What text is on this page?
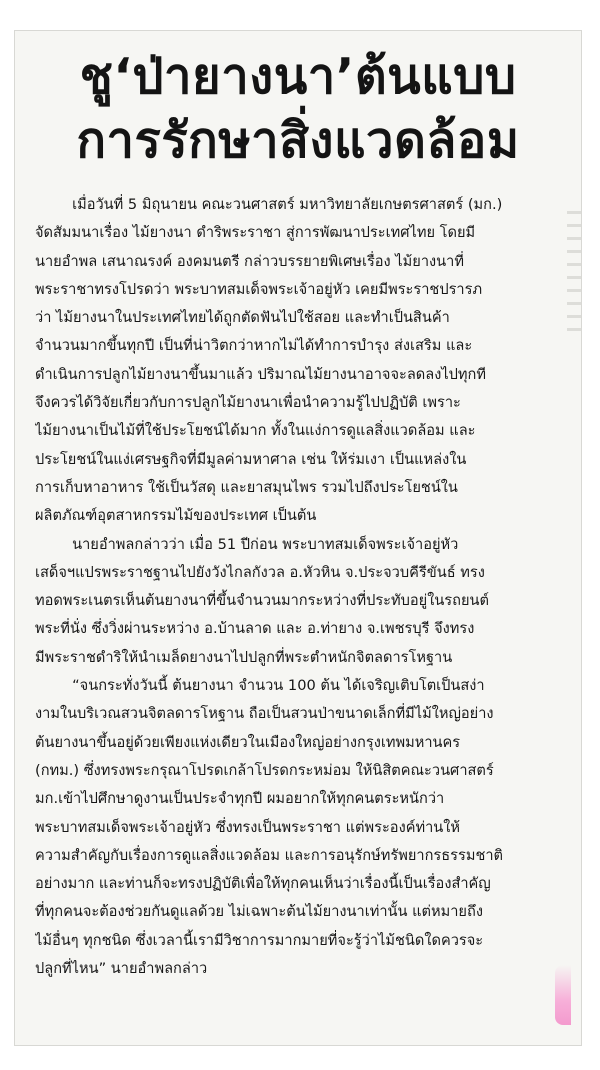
ชู‘ป่ายางนา’ต้นแบบ
การรักษาสิ่งแวดล้อม
เมื่อวันที่ 5 มิถุนายน คณะวนศาสตร์ มหาวิทยาลัยเกษตรศาสตร์ (มก.)
จัดสัมมนาเรื่อง ไม้ยางนา ดำริพระราชา สู่การพัฒนาประเทศไทย โดยมี
นายอำพล เสนาณรงค์ องคมนตรี กล่าวบรรยายพิเศษเรื่อง ไม้ยางนาที่
พระราชาทรงโปรดว่า พระบาทสมเด็จพระเจ้าอยู่หัว เคยมีพระราชปรารภ
ว่า ไม้ยางนาในประเทศไทยได้ถูกตัดฟันไปใช้สอย และทำเป็นสินค้า
จำนวนมากขึ้นทุกปี เป็นที่น่าวิตกว่าหากไม่ได้ทำการบำรุง ส่งเสริม และ
ดำเนินการปลูกไม้ยางนาขึ้นมาแล้ว ปริมาณไม้ยางนาอาจจะลดลงไปทุกที
จึงควรได้วิจัยเกี่ยวกับการปลูกไม้ยางนาเพื่อนำความรู้ไปปฏิบัติ เพราะ
ไม้ยางนาเป็นไม้ที่ใช้ประโยชน์ได้มาก ทั้งในแง่การดูแลสิ่งแวดล้อม และ
ประโยชน์ในแง่เศรษฐกิจที่มีมูลค่ามหาศาล เช่น ให้ร่มเงา เป็นแหล่งใน
การเก็บหาอาหาร ใช้เป็นวัสดุ และยาสมุนไพร รวมไปถึงประโยชน์ใน
ผลิตภัณฑ์อุตสาหกรรมไม้ของประเทศ เป็นต้น
นายอำพลกล่าวว่า เมื่อ 51 ปีก่อน พระบาทสมเด็จพระเจ้าอยู่หัว
เสด็จฯแปรพระราชฐานไปยังวังไกลกังวล อ.หัวหิน จ.ประจวบคีรีขันธ์ ทรง
ทอดพระเนตรเห็นต้นยางนาที่ขึ้นจำนวนมากระหว่างที่ประทับอยู่ในรถยนต์
พระที่นั่ง ซึ่งวิ่งผ่านระหว่าง อ.บ้านลาด และ อ.ท่ายาง จ.เพชรบุรี จึงทรง
มีพระราชดำริให้นำเมล็ดยางนาไปปลูกที่พระตำหนักจิตลดารโหฐาน
“จนกระทั่งวันนี้ ต้นยางนา จำนวน 100 ต้น ได้เจริญเติบโตเป็นสง่า
งามในบริเวณสวนจิตลดารโหฐาน ถือเป็นสวนป่าขนาดเล็กที่มีไม้ใหญ่อย่าง
ต้นยางนาขึ้นอยู่ด้วยเพียงแห่งเดียวในเมืองใหญ่อย่างกรุงเทพมหานคร
(กทม.) ซึ่งทรงพระกรุณาโปรดเกล้าโปรดกระหม่อม ให้นิสิตคณะวนศาสตร์
มก.เข้าไปศึกษาดูงานเป็นประจำทุกปี ผมอยากให้ทุกคนตระหนักว่า
พระบาทสมเด็จพระเจ้าอยู่หัว ซึ่งทรงเป็นพระราชา แต่พระองค์ท่านให้
ความสำคัญกับเรื่องการดูแลสิ่งแวดล้อม และการอนุรักษ์ทรัพยากรธรรมชาติ
อย่างมาก และท่านก็จะทรงปฏิบัติเพื่อให้ทุกคนเห็นว่าเรื่องนี้เป็นเรื่องสำคัญ
ที่ทุกคนจะต้องช่วยกันดูแลด้วย ไม่เฉพาะต้นไม้ยางนาเท่านั้น แต่หมายถึง
ไม้อื่นๆ ทุกชนิด ซึ่งเวลานี้เรามีวิชาการมากมายที่จะรู้ว่าไม้ชนิดใดควรจะ
ปลูกที่ไหน” นายอำพลกล่าว
